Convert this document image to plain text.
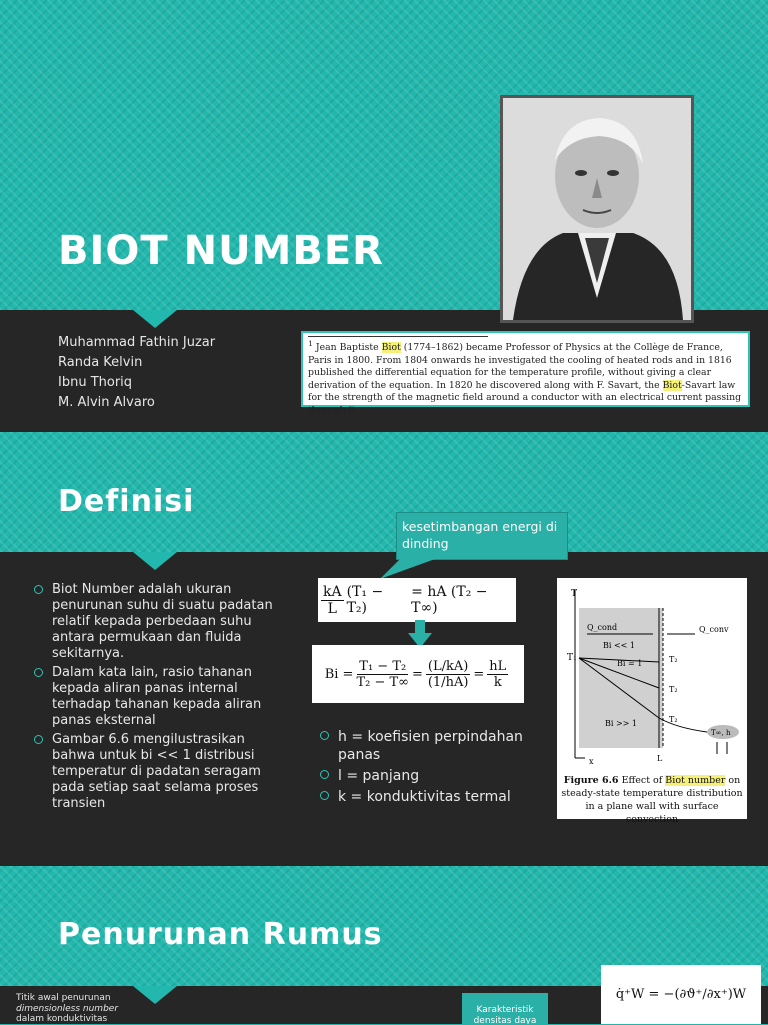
BIOT NUMBER
Muhammad Fathin Juzar
Randa Kelvin
Ibnu Thoriq
M. Alvin Alvaro
$^1$ Jean Baptiste Biot (1774–1862) became Professor of Physics at the Collège de France, Paris in 1800. From 1804 onwards he investigated the cooling of heated rods and in 1816 published the differential equation for the temperature profile, without giving a clear derivation of the equation. In 1820 he discovered along with F. Savart, the Biot-Savart law for the strength of the magnetic field around a conductor with an electrical current passing through it.
Definisi
kesetimbangan energi di dinding
Biot Number adalah ukuran penurunan suhu di suatu padatan relatif kepada perbedaan suhu antara permukaan dan fluida sekitarnya.
Dalam kata lain, rasio tahanan kepada aliran panas internal terhadap tahanan kepada aliran panas eksternal
Gambar 6.6 mengilustrasikan bahwa untuk bi << 1 distribusi temperatur di padatan seragam pada setiap saat selama proses transien
$\frac{kA}{L} (T_1 - T_2)$

= hA (T₂ − T∞)
$Bi = \frac{\text{T₁ − T₂}}{\text{T₂ − T∞}} = \frac{(L/kA)}{(1/hA)} = \frac{hL}{k}$
h = koefisien perpindahan panas
l = panjang
k = konduktivitas termal
T
Q_cond	Q_conv
T₁
Bi << 1
Bi = 1
Bi >> 1
T₂
T₂
T₂
L
x
T∞, h
Figure 6.6 Effect of Biot number on steady-state temperature distribution in a plane wall with surface convection
Penurunan Rumus
Titik awal penurunan
dimensionless number
dalam konduktivitas
Karakteristik densitas daya
q̇⁺W = −(∂ϑ⁺/∂x⁺)W
